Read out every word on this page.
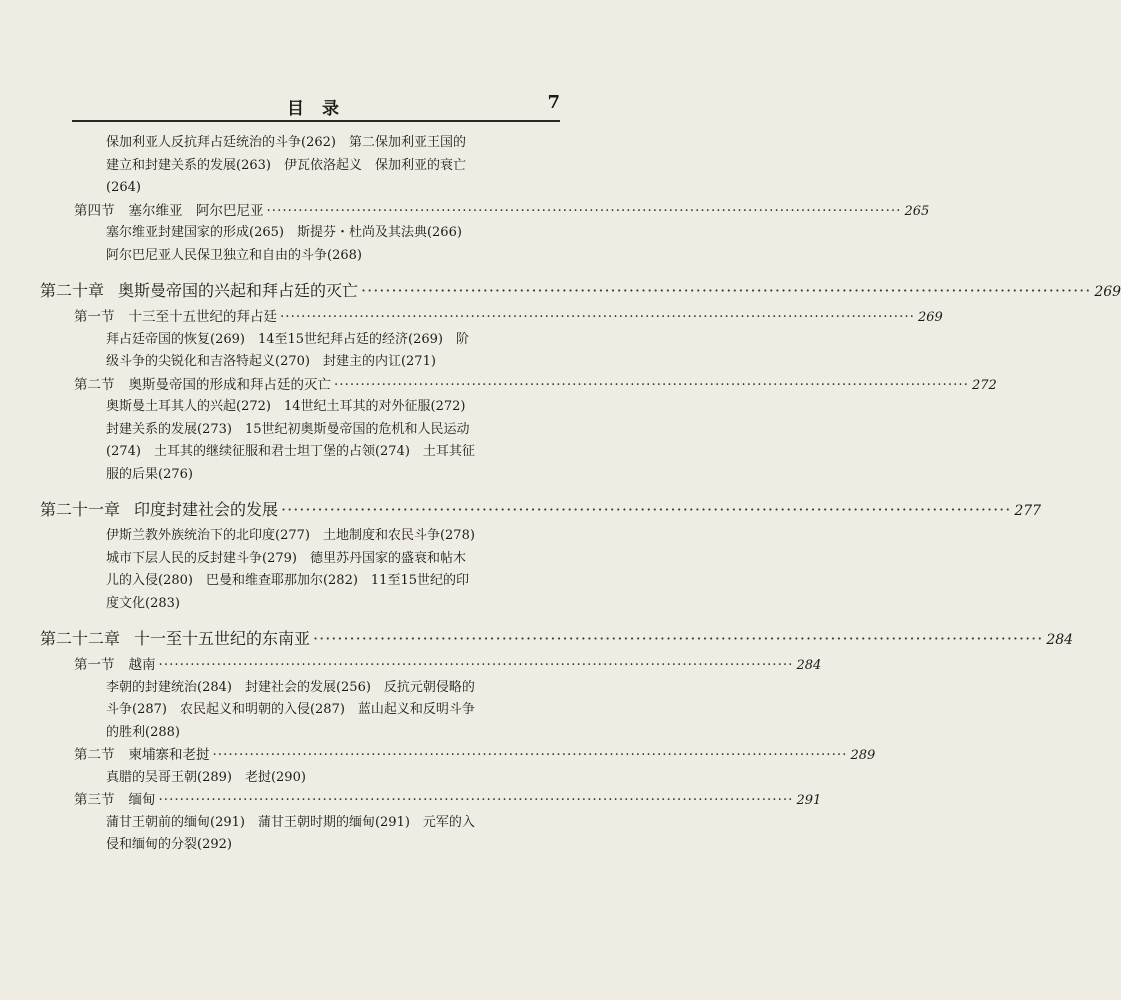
目 录	7
保加利亚人反抗拜占廷统治的斗争(262)　第二保加利亚王国的
建立和封建关系的发展(263)　伊瓦依洛起义　保加利亚的衰亡
(264)
第四节 塞尔维亚　阿尔巴尼亚 ························································································································ 265
塞尔维亚封建国家的形成(265)　斯提芬・杜尚及其法典(266)
阿尔巴尼亚人民保卫独立和自由的斗争(268)
第二十章 奥斯曼帝国的兴起和拜占廷的灭亡 ························································································································ 269
第一节 十三至十五世纪的拜占廷 ························································································································ 269
拜占廷帝国的恢复(269)　14至15世纪拜占廷的经济(269)　阶
级斗争的尖锐化和吉洛特起义(270)　封建主的内讧(271)
第二节 奥斯曼帝国的形成和拜占廷的灭亡 ························································································································ 272
奥斯曼土耳其人的兴起(272)　14世纪土耳其的对外征服(272)
封建关系的发展(273)　15世纪初奥斯曼帝国的危机和人民运动
(274)　土耳其的继续征服和君士坦丁堡的占领(274)　土耳其征
服的后果(276)
第二十一章 印度封建社会的发展 ························································································································ 277
伊斯兰教外族统治下的北印度(277)　土地制度和农民斗争(278)
城市下层人民的反封建斗争(279)　德里苏丹国家的盛衰和帖木
儿的入侵(280)　巴曼和维查耶那加尔(282)　11至15世纪的印
度文化(283)
第二十二章 十一至十五世纪的东南亚 ························································································································ 284
第一节 越南 ························································································································ 284
李朝的封建统治(284)　封建社会的发展(256)　反抗元朝侵略的
斗争(287)　农民起义和明朝的入侵(287)　蓝山起义和反明斗争
的胜利(288)
第二节 柬埔寨和老挝 ························································································································ 289
真腊的吴哥王朝(289)　老挝(290)
第三节 缅甸 ························································································································ 291
蒲甘王朝前的缅甸(291)　蒲甘王朝时期的缅甸(291)　元军的入
侵和缅甸的分裂(292)
